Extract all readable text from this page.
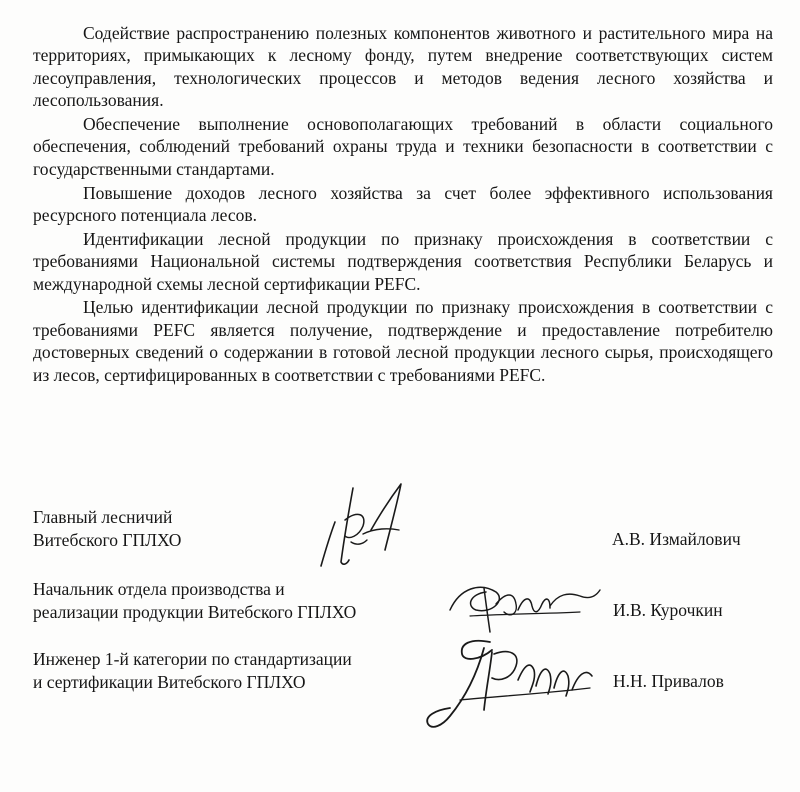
Содействие распространению полезных компонентов животного и растительного мира на территориях, примыкающих к лесному фонду, путем внедрение соответствующих систем лесоуправления, технологических процессов и методов ведения лесного хозяйства и лесопользования.

Обеспечение выполнение основополагающих требований в области социального обеспечения, соблюдений требований охраны труда и техники безопасности в соответствии с государственными стандартами.

Повышение доходов лесного хозяйства за счет более эффективного использования ресурсного потенциала лесов.

Идентификации лесной продукции по признаку происхождения в соответствии с требованиями Национальной системы подтверждения соответствия Республики Беларусь и международной схемы лесной сертификации PEFC.

Целью идентификации лесной продукции по признаку происхождения в соответствии с требованиями PEFC является получение, подтверждение и предоставление потребителю достоверных сведений о содержании в готовой лесной продукции лесного сырья, происходящего из лесов, сертифицированных в соответствии с требованиями PEFC.

Главный лесничий
Витебского ГПЛХО	А.В. Измайлович
Начальник отдела производства и
реализации продукции Витебского ГПЛХО	И.В. Курочкин
Инженер 1-й категории по стандартизации
и сертификации Витебского ГПЛХО	Н.Н. Привалов
